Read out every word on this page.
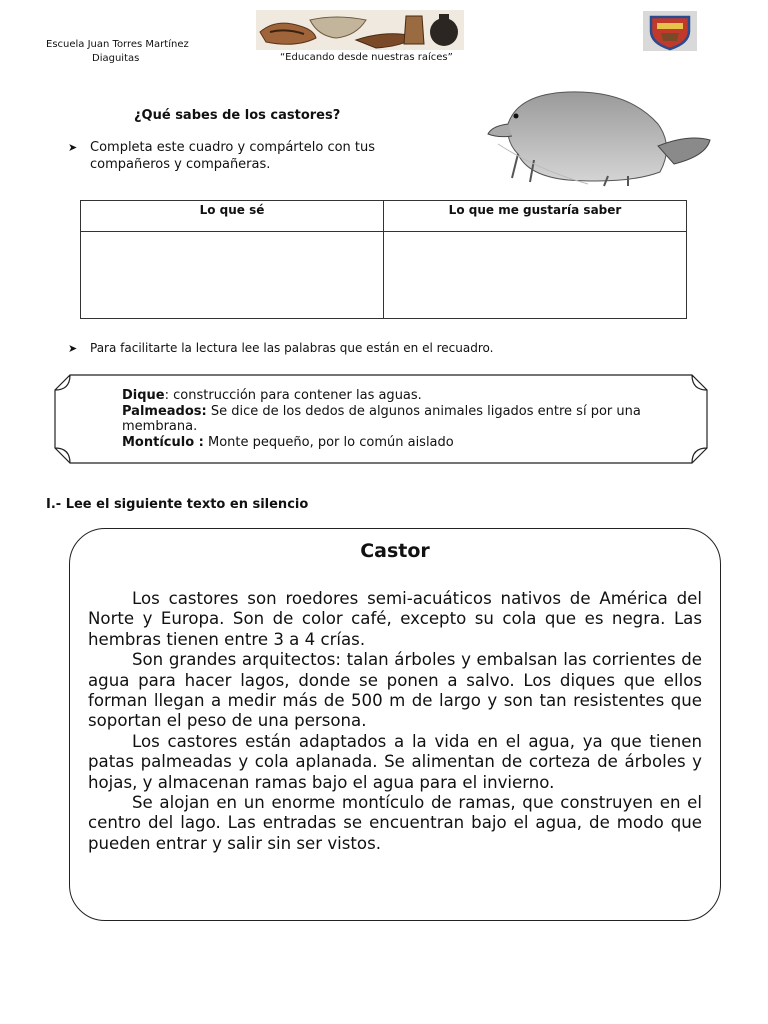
Escuela Juan Torres Martínez
Diaguitas	“Educando desde nuestras raíces”
¿Qué sabes de los castores?
➤ Completa este cuadro y compártelo con tus compañeros y compañeras.
Lo que sé	Lo que me gustaría saber

➤	Para facilitarte la lectura lee las palabras que están en el recuadro.
Dique: construcción para contener las aguas.
Palmeados: Se dice de los dedos de algunos animales ligados entre sí por una membrana.
Montículo : Monte pequeño, por lo común aislado
I.- Lee el siguiente texto en silencio
Castor

Los castores son roedores semi-acuáticos nativos de América del Norte y Europa. Son de color café, excepto su cola que es negra. Las hembras tienen entre 3 a 4 crías.

Son grandes arquitectos: talan árboles y embalsan las corrientes de agua para hacer lagos, donde se ponen a salvo. Los diques que ellos forman llegan a medir más de 500 m de largo y son tan resistentes que soportan el peso de una persona.

Los castores están adaptados a la vida en el agua, ya que tienen patas palmeadas y cola aplanada. Se alimentan de corteza de árboles y hojas, y almacenan ramas bajo el agua para el invierno.

Se alojan en un enorme montículo de ramas, que construyen en el centro del lago. Las entradas se encuentran bajo el agua, de modo que pueden entrar y salir sin ser vistos.
